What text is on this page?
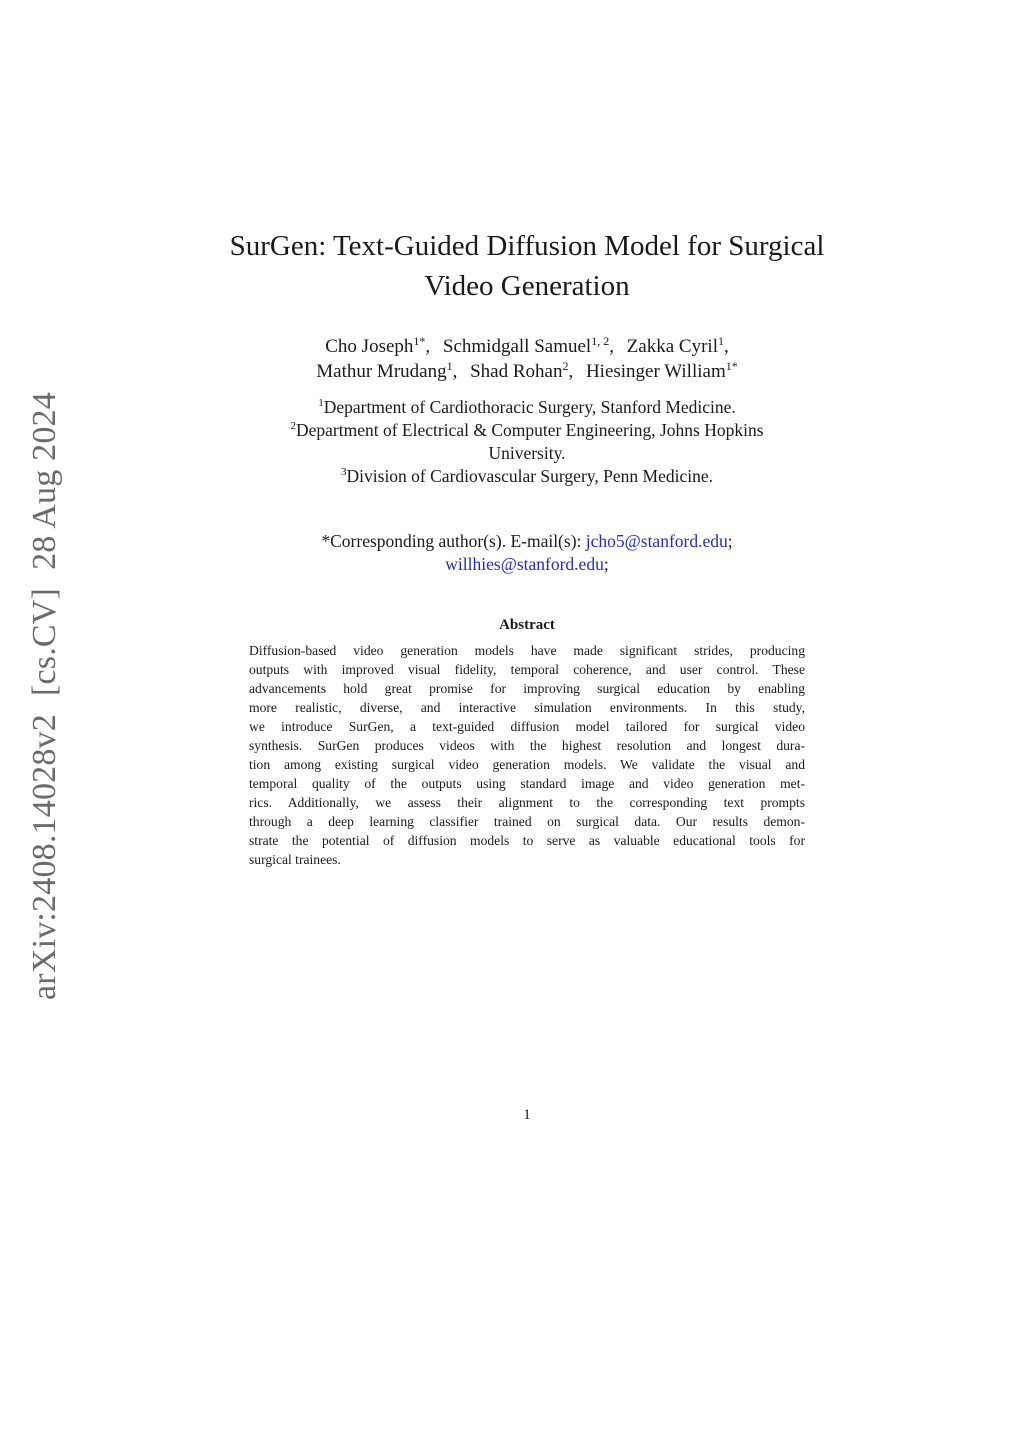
arXiv:2408.14028v2[cs.CV]28 Aug 2024
SurGen: Text-Guided Diffusion Model for Surgical
Video Generation
Cho Joseph$^{1*}$, Schmidgall Samuel$^{1, 2}$, Zakka Cyril$^1$,
Mathur Mrudang$^1$, Shad Rohan$^2$, Hiesinger William$^{1*}$
$^1$Department of Cardiothoracic Surgery, Stanford Medicine.
$^2$Department of Electrical & Computer Engineering, Johns Hopkins
University.
$^3$Division of Cardiovascular Surgery, Penn Medicine.
*Corresponding author(s). E-mail(s): jcho5@stanford.edu;
willhies@stanford.edu;
Abstract
Diffusion-based video generation models have made significant strides, producing
outputs with improved visual fidelity, temporal coherence, and user control. These
advancements hold great promise for improving surgical education by enabling
more realistic, diverse, and interactive simulation environments. In this study,
we introduce SurGen, a text-guided diffusion model tailored for surgical video
synthesis. SurGen produces videos with the highest resolution and longest dura-
tion among existing surgical video generation models. We validate the visual and
temporal quality of the outputs using standard image and video generation met-
rics. Additionally, we assess their alignment to the corresponding text prompts
through a deep learning classifier trained on surgical data. Our results demon-
strate the potential of diffusion models to serve as valuable educational tools for
surgical trainees.
1
